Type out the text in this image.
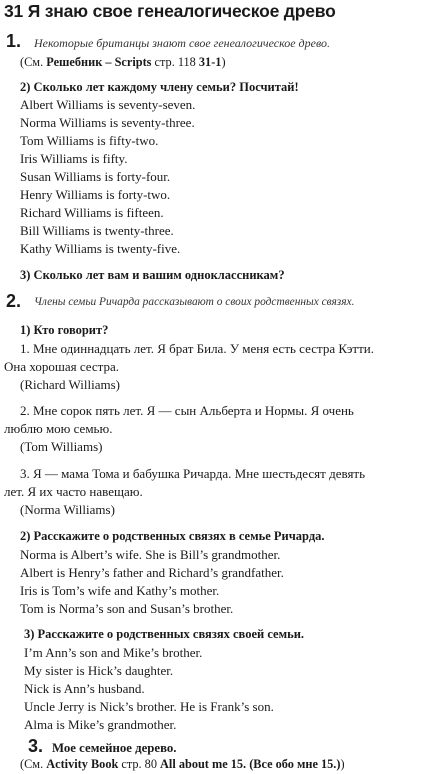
31 Я знаю свое генеалогическое древо
1. Некоторые британцы знают свое генеалогическое древо.
(См. Решебник – Scripts стр. 118 31-1)
2) Сколько лет каждому члену семьи? Посчитай!
Albert Williams is seventy-seven.
Norma Williams is seventy-three.
Tom Williams is fifty-two.
Iris Williams is fifty.
Susan Williams is forty-four.
Henry Williams is forty-two.
Richard Williams is fifteen.
Bill Williams is twenty-three.
Kathy Williams is twenty-five.
3) Сколько лет вам и вашим одноклассникам?
2. Члены семьи Ричарда рассказывают о своих родственных связях.
1) Кто говорит?
1. Мне одиннадцать лет. Я брат Била. У меня есть сестра Кэтти.
Она хорошая сестра.
(Richard Williams)
2. Мне сорок пять лет. Я — сын Альберта и Нормы. Я очень
люблю мою семью.
(Tom Williams)
3. Я — мама Тома и бабушка Ричарда. Мне шестьдесят девять
лет. Я их часто навещаю.
(Norma Williams)
2) Расскажите о родственных связях в семье Ричарда.
Norma is Albert’s wife. She is Bill’s grandmother.
Albert is Henry’s father and Richard’s grandfather.
Iris is Tom’s wife and Kathy’s mother.
Tom is Norma’s son and Susan’s brother.
3) Расскажите о родственных связях своей семьи.
I’m Ann’s son and Mike’s brother.
My sister is Hick’s daughter.
Nick is Ann’s husband.
Uncle Jerry is Nick’s brother. He is Frank’s son.
Alma is Mike’s grandmother.
3. Мое семейное дерево.
(См. Activity Book стр. 80 All about me 15. (Все обо мне 15.))
